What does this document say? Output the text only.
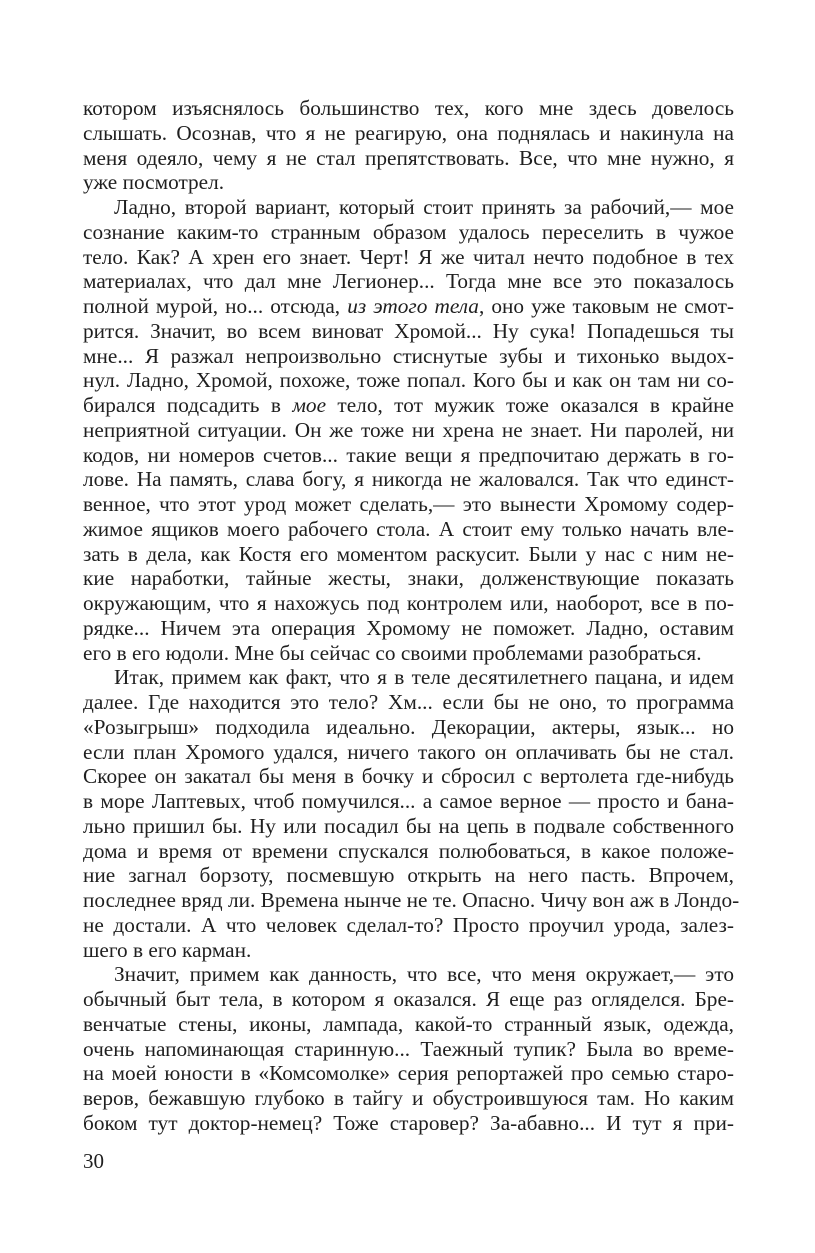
котором изъяснялось большинство тех, кого мне здесь довелось
слышать. Осознав, что я не реагирую, она поднялась и накинула на
меня одеяло, чему я не стал препятствовать. Все, что мне нужно, я
уже посмотрел.
Ладно, второй вариант, который стоит принять за рабочий,— мое
сознание каким-то странным образом удалось переселить в чужое
тело. Как? А хрен его знает. Черт! Я же читал нечто подобное в тех
материалах, что дал мне Легионер... Тогда мне все это показалось
полной мурой, но... отсюда, из этого тела, оно уже таковым не смот-
рится. Значит, во всем виноват Хромой... Ну сука! Попадешься ты
мне... Я разжал непроизвольно стиснутые зубы и тихонько выдох-
нул. Ладно, Хромой, похоже, тоже попал. Кого бы и как он там ни со-
бирался подсадить в мое тело, тот мужик тоже оказался в крайне
неприятной ситуации. Он же тоже ни хрена не знает. Ни паролей, ни
кодов, ни номеров счетов... такие вещи я предпочитаю держать в го-
лове. На память, слава богу, я никогда не жаловался. Так что единст-
венное, что этот урод может сделать,— это вынести Хромому содер-
жимое ящиков моего рабочего стола. А стоит ему только начать вле-
зать в дела, как Костя его моментом раскусит. Были у нас с ним не-
кие наработки, тайные жесты, знаки, долженствующие показать
окружающим, что я нахожусь под контролем или, наоборот, все в по-
рядке... Ничем эта операция Хромому не поможет. Ладно, оставим
его в его юдоли. Мне бы сейчас со своими проблемами разобраться.
Итак, примем как факт, что я в теле десятилетнего пацана, и идем
далее. Где находится это тело? Хм... если бы не оно, то программа
«Розыгрыш» подходила идеально. Декорации, актеры, язык... но
если план Хромого удался, ничего такого он оплачивать бы не стал.
Скорее он закатал бы меня в бочку и сбросил с вертолета где-нибудь
в море Лаптевых, чтоб помучился... а самое верное — просто и бана-
льно пришил бы. Ну или посадил бы на цепь в подвале собственного
дома и время от времени спускался полюбоваться, в какое положе-
ние загнал борзоту, посмевшую открыть на него пасть. Впрочем,
последнее вряд ли. Времена нынче не те. Опасно. Чичу вон аж в Лондо-
не достали. А что человек сделал-то? Просто проучил урода, залез-
шего в его карман.
Значит, примем как данность, что все, что меня окружает,— это
обычный быт тела, в котором я оказался. Я еще раз огляделся. Бре-
венчатые стены, иконы, лампада, какой-то странный язык, одежда,
очень напоминающая старинную... Таежный тупик? Была во време-
на моей юности в «Комсомолке» серия репортажей про семью старо-
веров, бежавшую глубоко в тайгу и обустроившуюся там. Но каким
боком тут доктор-немец? Тоже старовер? За-абавно... И тут я при-
30
